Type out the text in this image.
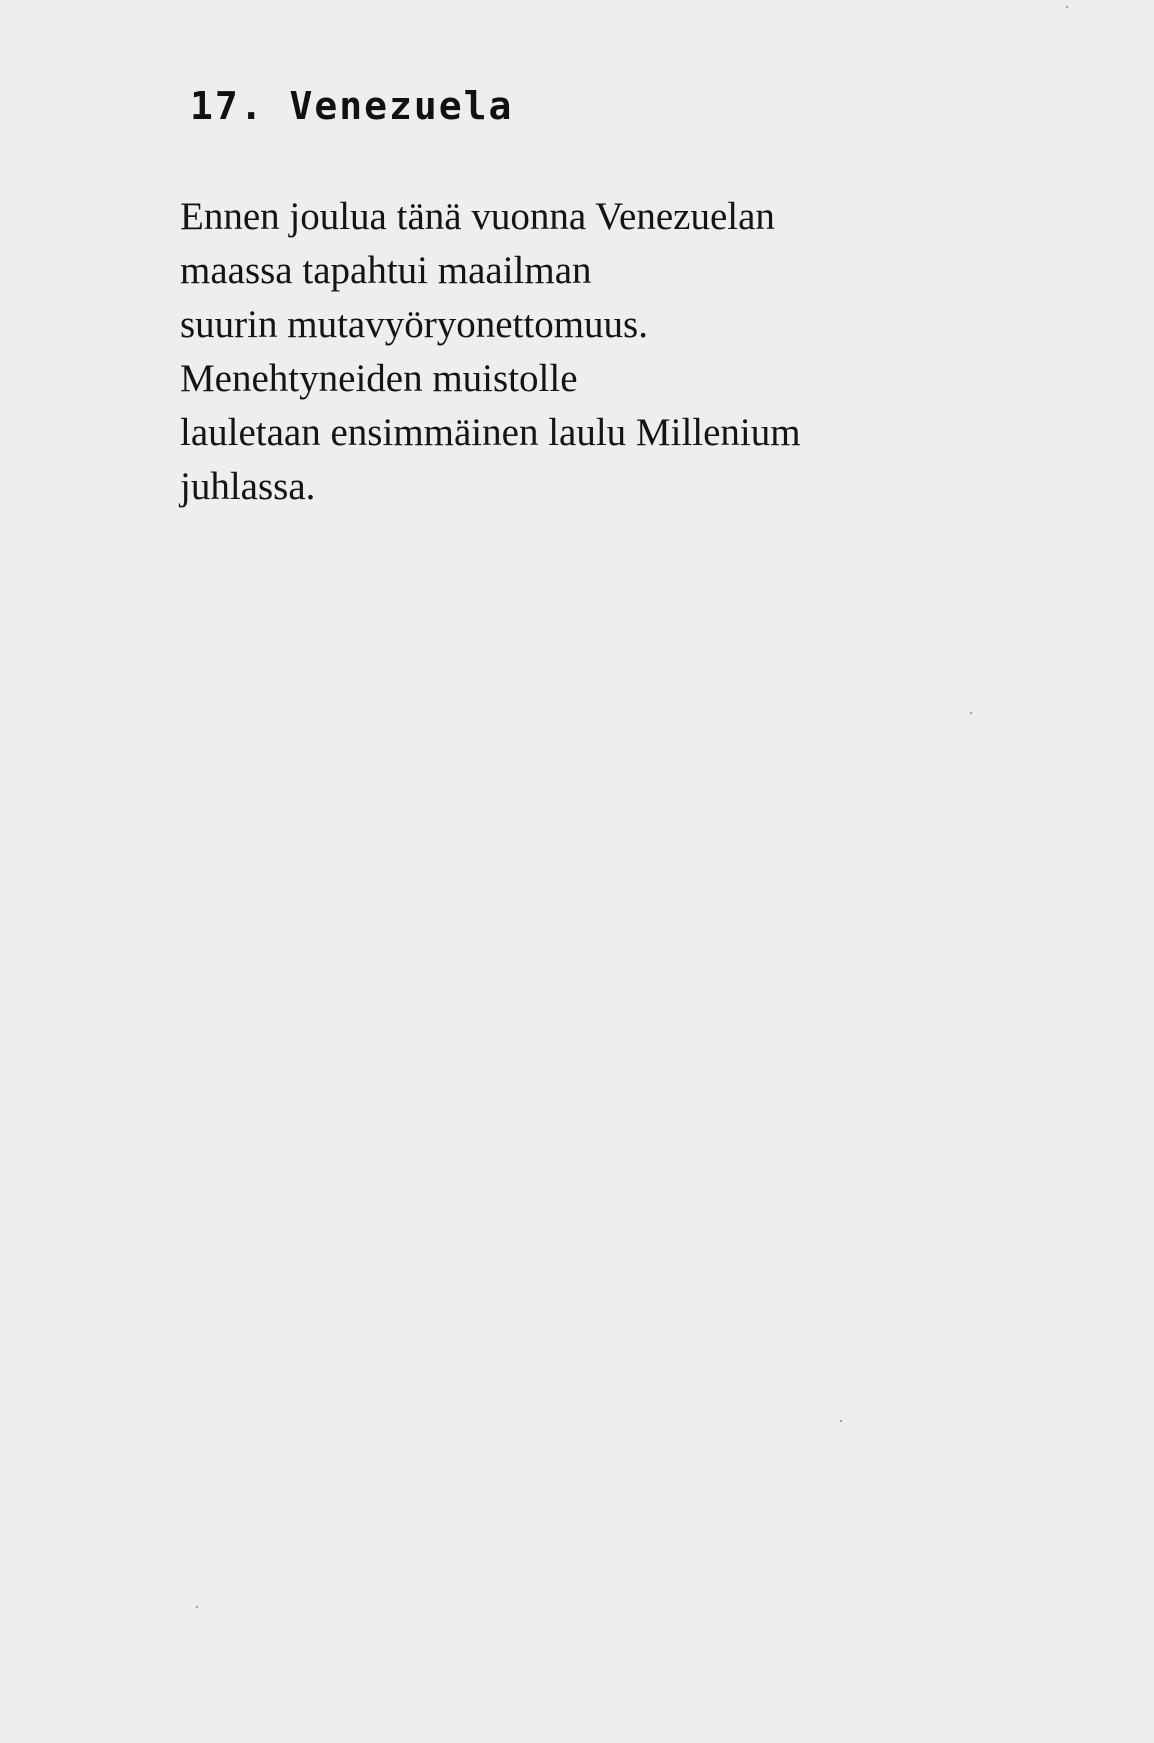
17. Venezuela
Ennen joulua tänä vuonna Venezuelan
maassa tapahtui maailman
suurin mutavyöryonettomuus.
Menehtyneiden muistolle
lauletaan ensimmäinen laulu Millenium
juhlassa.
